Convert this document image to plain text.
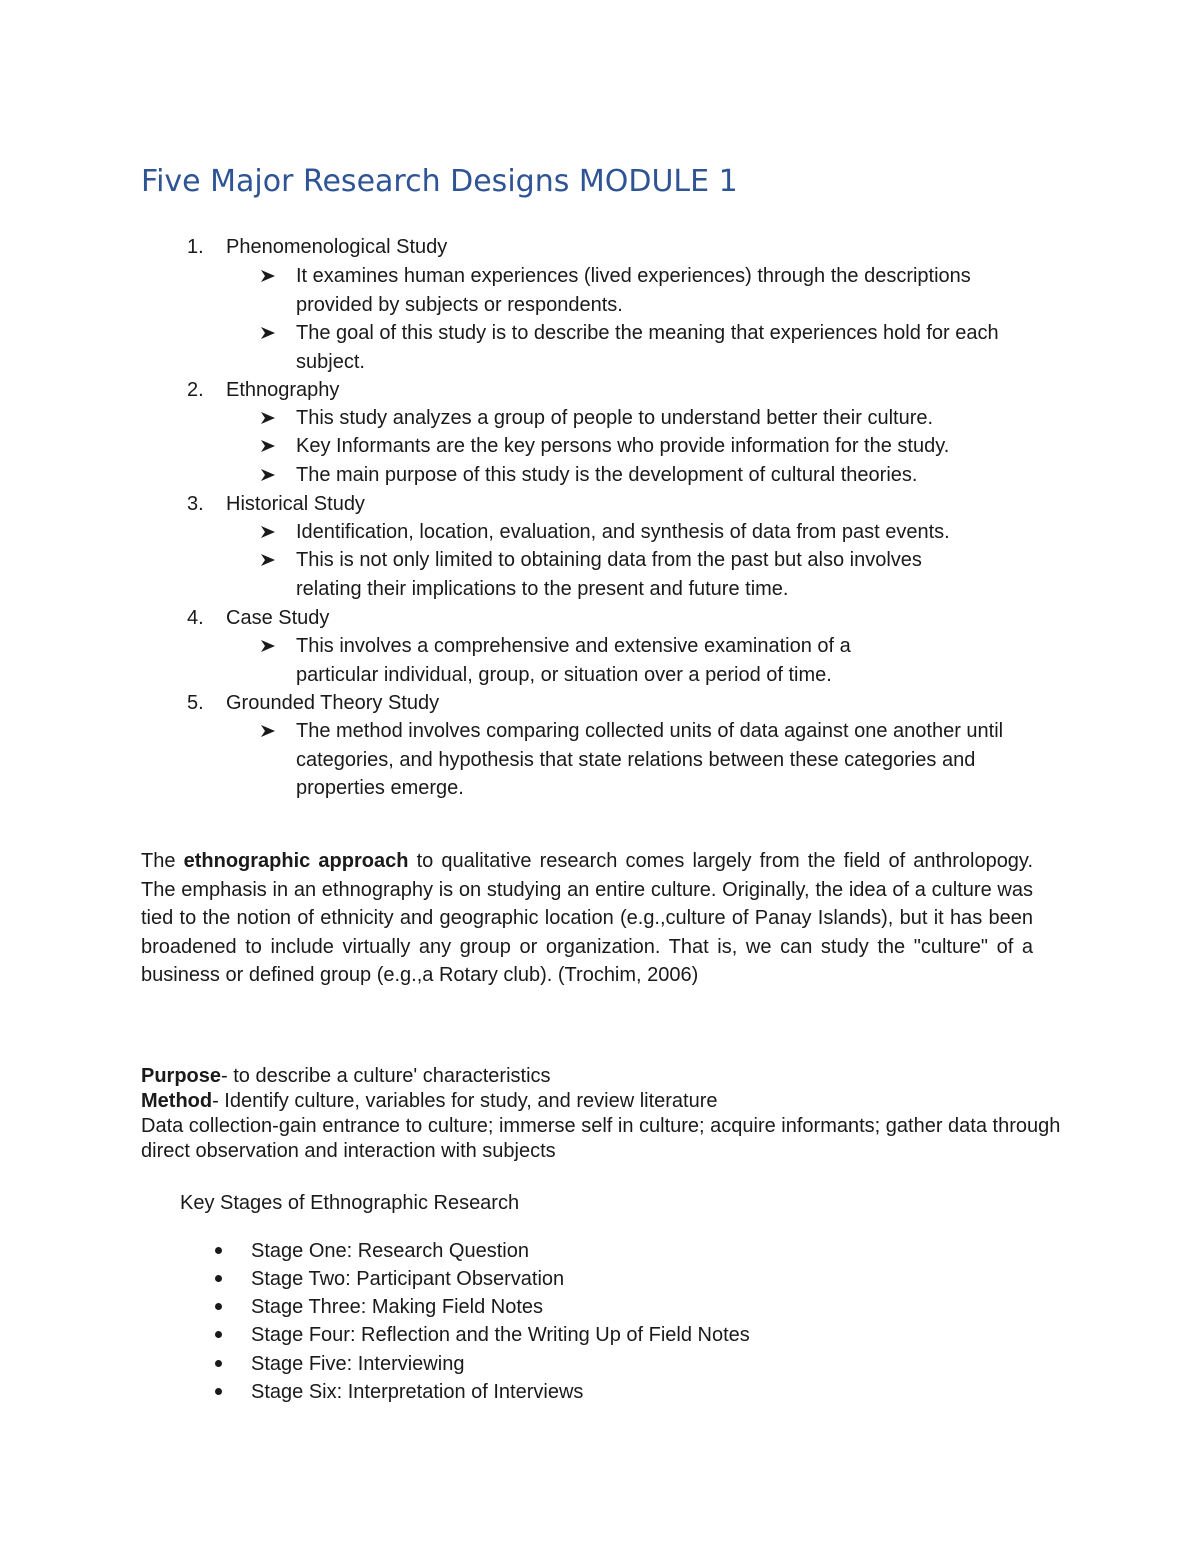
Five Major Research Designs MODULE 1
1. Phenomenological Study
It examines human experiences (lived experiences) through the descriptions provided by subjects or respondents.
The goal of this study is to describe the meaning that experiences hold for each subject.
2. Ethnography
This study analyzes a group of people to understand better their culture.
Key Informants are the key persons who provide information for the study.
The main purpose of this study is the development of cultural theories.
3. Historical Study
Identification, location, evaluation, and synthesis of data from past events.
This is not only limited to obtaining data from the past but also involves relating their implications to the present and future time.
4. Case Study
This involves a comprehensive and extensive examination of a particular individual, group, or situation over a period of time.
5. Grounded Theory Study
The method involves comparing collected units of data against one another until categories, and hypothesis that state relations between these categories and properties emerge.

The ethnographic approach to qualitative research comes largely from the field of anthrolopogy. The emphasis in an ethnography is on studying an entire culture. Originally, the idea of a culture was tied to the notion of ethnicity and geographic location (e.g.,culture of Panay Islands), but it has been broadened to include virtually any group or organization. That is, we can study the "culture" of a business or defined group (e.g.,a Rotary club). (Trochim, 2006)

Purpose- to describe a culture' characteristics
Method- Identify culture, variables for study, and review literature
Data collection-gain entrance to culture; immerse self in culture; acquire informants; gather data through direct observation and interaction with subjects
Key Stages of Ethnographic Research
Stage One: Research Question
Stage Two: Participant Observation
Stage Three: Making Field Notes
Stage Four: Reflection and the Writing Up of Field Notes
Stage Five: Interviewing
Stage Six: Interpretation of Interviews
